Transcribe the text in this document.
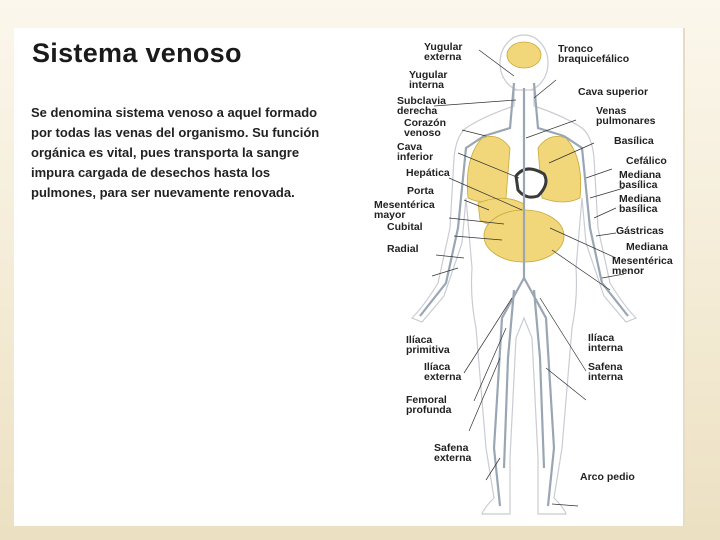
Sistema venoso
Se denomina sistema venoso a aquel formado por todas las venas del organismo. Su función orgánica es vital, pues transporta la sangre impura cargada de desechos hasta los pulmones, para ser nuevamente renovada.
Yugular externa
Yugular interna
Subclavia derecha
Corazón venoso
Cava inferior
Hepática
Porta
Mesentérica mayor
Cubital
Radial
Ilíaca primitiva
Ilíaca externa
Femoral profunda
Safena externa
Tronco braquicefálico
Cava superior
Venas pulmonares
Basílica
Cefálico
Mediana basílica
Mediana basílica
Gástricas
Mediana
Mesentérica menor
Ilíaca interna
Safena interna
Arco pedio
